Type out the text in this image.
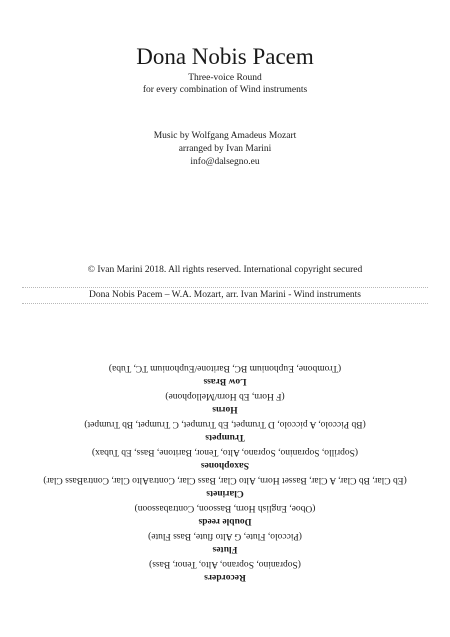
Dona Nobis Pacem
Three-voice Round
for every combination of Wind instruments
Music by Wolfgang Amadeus Mozart
arranged by Ivan Marini
info@dalsegno.eu
© Ivan Marini 2018. All rights reserved. International copyright secured
Dona Nobis Pacem – W.A. Mozart, arr. Ivan Marini - Wind instruments
Recorders
(Sopranino, Soprano, Alto, Tenor, Bass)
Flutes
(Piccolo, Flute, G Alto flute, Bass Flute)
Double reeds
(Oboe, English Horn, Bassoon, Contrabassoon)
Clarinets
(Eb Clar, Bb Clar, A Clar, Basset Horn, Alto Clar, Bass Clar, ContraAlto Clar, ContraBass Clar)
Saxophones
(Soprillo, Sopranino, Soprano, Alto, Tenor, Baritone, Bass, Eb Tubax)
Trumpets
(Bb Piccolo, A piccolo, D Trumpet, Eb Trumpet, C Trumpet, Bb Trumpet)
Horns
(F Horn, Eb Horn/Mellophone)
Low Brass
(Trombone, Euphonium BC, Baritone/Euphonium TC, Tuba)
